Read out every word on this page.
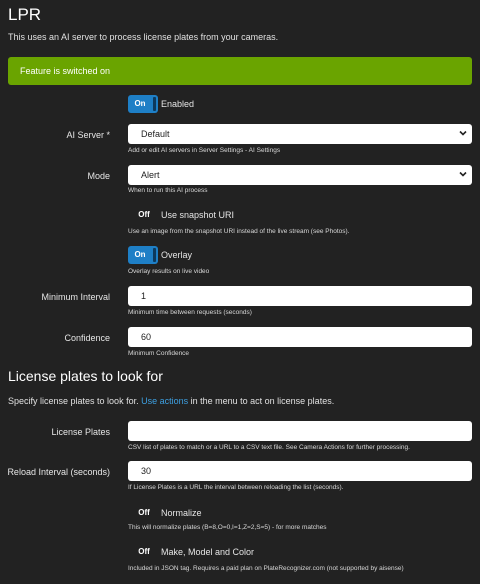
LPR
This uses an AI server to process license plates from your cameras.
Feature is switched on
On	Enabled
AI Server *	Default
Add or edit AI servers in Server Settings - AI Settings
Mode	Alert
When to run this AI process
Off	Use snapshot URI
Use an image from the snapshot URI instead of the live stream (see Photos).
On	Overlay
Overlay results on live video
Minimum Interval	1
Minimum time between requests (seconds)
Confidence	60
Minimum Confidence
License plates to look for
Specify license plates to look for. Use actions in the menu to act on license plates.
License Plates
CSV list of plates to match or a URL to a CSV text file. See Camera Actions for further processing.
Reload Interval (seconds)	30
If License Plates is a URL the interval between reloading the list (seconds).
Off	Normalize
This will normalize plates (B=8,O=0,I=1,Z=2,S=5) - for more matches
Off	Make, Model and Color
Included in JSON tag. Requires a paid plan on PlateRecognizer.com (not supported by aisense)
